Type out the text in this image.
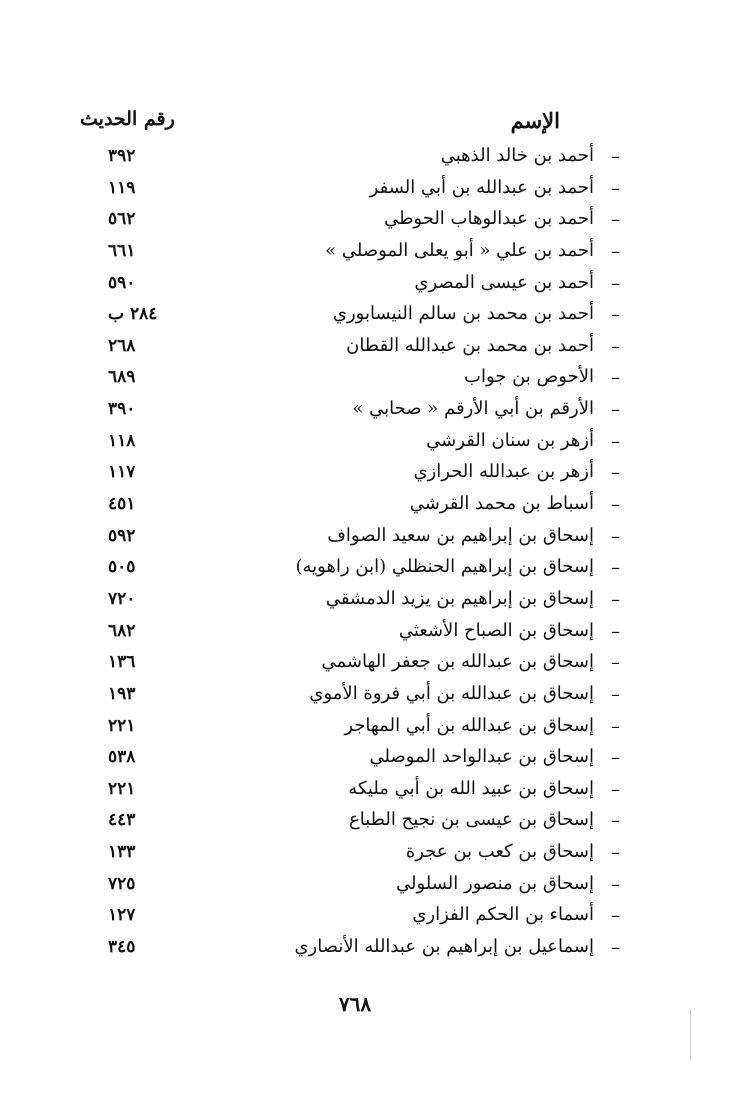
الإسم
رقم الحديث
–
أحمد بن خالد الذهبي
٣٩٢
–
أحمد بن عبدالله بن أبي السفر
١١٩
–
أحمد بن عبدالوهاب الحوطي
٥٦٢
–
أحمد بن علي « أبو يعلى الموصلي »
٦٦١
–
أحمد بن عيسى المصري
٥٩٠
–
أحمد بن محمد بن سالم النيسابوري
٢٨٤ ب
–
أحمد بن محمد بن عبدالله القطان
٢٦٨
–
الأحوص بن جواب
٦٨٩
–
الأرقم بن أبي الأرقم « صحابي »
٣٩٠
–
أزهر بن سنان القرشي
١١٨
–
أزهر بن عبدالله الحرازي
١١٧
–
أسباط بن محمد القرشي
٤٥١
–
إسحاق بن إبراهيم بن سعيد الصواف
٥٩٢
–
إسحاق بن إبراهيم الحنظلي (ابن راهويه)
٥٠٥
–
إسحاق بن إبراهيم بن يزيد الدمشقي
٧٢٠
–
إسحاق بن الصباح الأشعثي
٦٨٢
–
إسحاق بن عبدالله بن جعفر الهاشمي
١٣٦
–
إسحاق بن عبدالله بن أبي فروة الأموي
١٩٣
–
إسحاق بن عبدالله بن أبي المهاجر
٢٢١
–
إسحاق بن عبدالواحد الموصلي
٥٣٨
–
إسحاق بن عبيد الله بن أبي مليكه
٢٢١
–
إسحاق بن عيسى بن نجيح الطباع
٤٤٣
–
إسحاق بن كعب بن عجرة
١٣٣
–
إسحاق بن منصور السلولي
٧٢٥
–
أسماء بن الحكم الفزاري
١٢٧
–
إسماعيل بن إبراهيم بن عبدالله الأنصاري
٣٤٥
٧٦٨
